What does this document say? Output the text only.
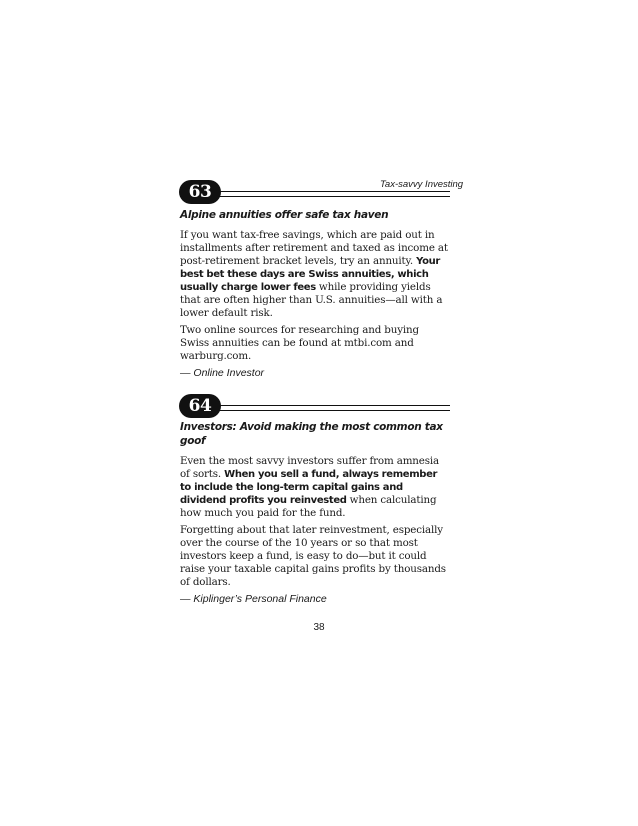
Tax-savvy Investing
63
Alpine annuities offer safe tax haven

If you want tax-free savings, which are paid out in installments after retirement and taxed as income at post-retirement bracket levels, try an annuity. Your best bet these days are Swiss annuities, which usually charge lower fees while providing yields that are often higher than U.S. annuities—all with a lower default risk.

Two online sources for researching and buying Swiss annuities can be found at mtbi.com and warburg.com.

— Online Investor

64
Investors: Avoid making the most common tax goof

Even the most savvy investors suffer from amnesia of sorts. When you sell a fund, always remember to include the long-term capital gains and dividend profits you reinvested when calculating how much you paid for the fund.

Forgetting about that later reinvestment, especially over the course of the 10 years or so that most investors keep a fund, is easy to do—but it could raise your taxable capital gains profits by thousands of dollars.

— Kiplinger’s Personal Finance

38
